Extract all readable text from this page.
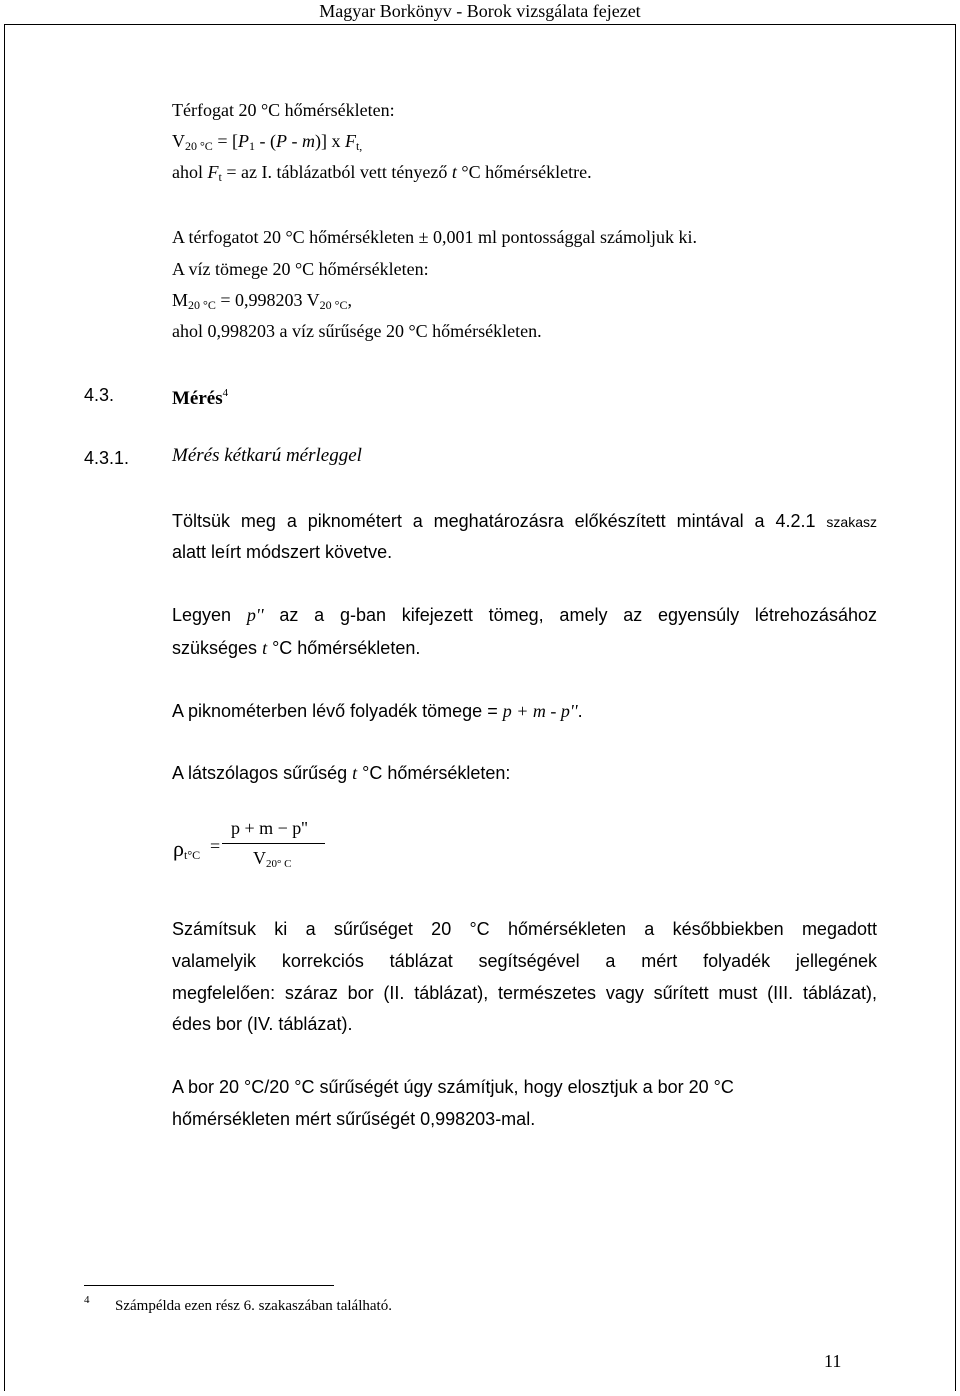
Magyar Borkönyv - Borok vizsgálata fejezet
Térfogat 20 °C hőmérsékleten:
$V_{20 ^\circ C} = [P_1 - (P - m)]$ x $F_{t,}$
ahol $F_t$ = az I. táblázatból vett tényező t °C hőmérsékletre.
A térfogatot 20 °C hőmérsékleten ± 0,001 ml pontossággal számoljuk ki.
A víz tömege 20 °C hőmérsékleten:
$M_{20 ^\circ C} = 0,998203$ $V_{20 ^\circ C}$,
ahol 0,998203 a víz sűrűsége 20 °C hőmérsékleten.
4.3.	Mérés$^4$
4.3.1. Mérés kétkarú mérleggel
Töltsük meg a piknométert a meghatározásra előkészített mintával a 4.2.1 szakasz
alatt leírt módszert követve.
Legyen p'' az a g-ban kifejezett tömeg, amely az egyensúly létrehozásához
szükséges t °C hőmérsékleten.
A piknométerben lévő folyadék tömege = p + m - p''.
A látszólagos sűrűség t °C hőmérsékleten:
$\rho_{t^\circ C}$ =
p + m − p''
$V_{20^\circ C}$
Számítsuk ki a sűrűséget 20 °C hőmérsékleten a későbbiekben megadott
valamelyik korrekciós táblázat segítségével a mért folyadék jellegének
megfelelően: száraz bor (II. táblázat), természetes vagy sűrített must (III. táblázat),
édes bor (IV. táblázat).
A bor 20 °C/20 °C sűrűségét úgy számítjuk, hogy elosztjuk a bor 20 °C
hőmérsékleten mért sűrűségét 0,998203-mal.
4 Számpélda ezen rész 6. szakaszában található.
11
